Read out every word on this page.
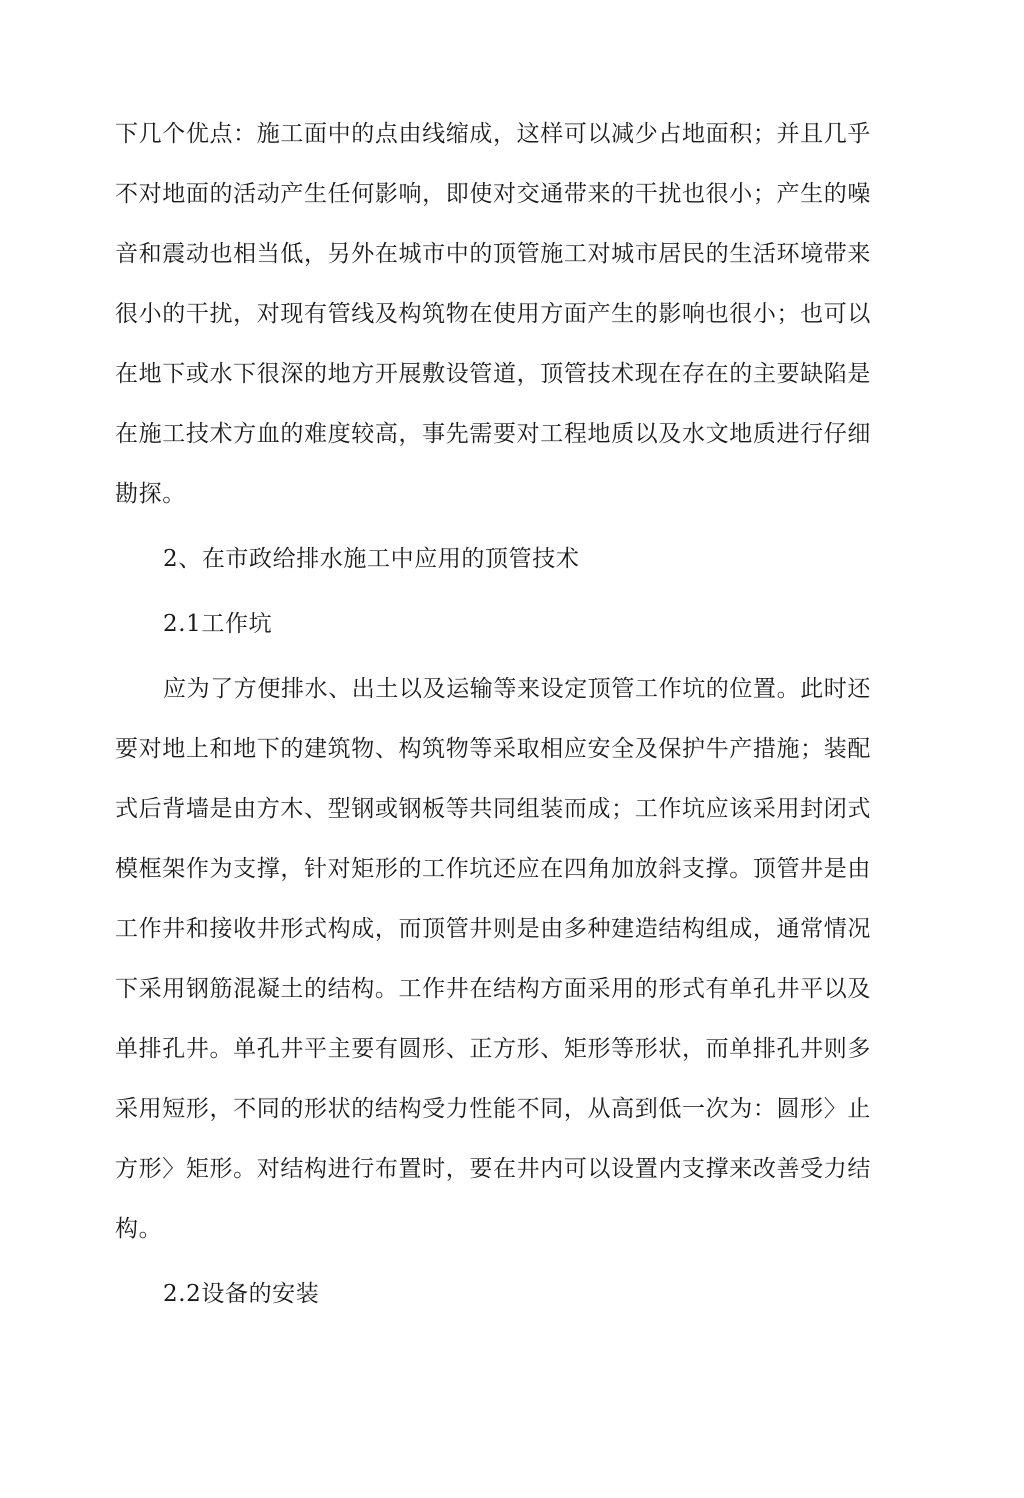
下几个优点：施工面中的点由线缩成，这样可以减少占地面积；并且几乎不对地面的活动产生任何影响，即使对交通带来的干扰也很小；产生的噪音和震动也相当低，另外在城市中的顶管施工对城市居民的生活环境带来很小的干扰，对现有管线及构筑物在使用方面产生的影响也很小；也可以在地下或水下很深的地方开展敷设管道，顶管技术现在存在的主要缺陷是在施工技术方血的难度较高，事先需要对工程地质以及水文地质进行仔细勘探。

2、在市政给排水施工中应用的顶管技术

2.1工作坑

应为了方便排水、出土以及运输等来设定顶管工作坑的位置。此时还要对地上和地下的建筑物、构筑物等采取相应安全及保护牛产措施；装配式后背墙是由方木、型钢或钢板等共同组装而成；工作坑应该采用封闭式模框架作为支撑，针对矩形的工作坑还应在四角加放斜支撑。顶管井是由工作井和接收井形式构成，而顶管井则是由多种建造结构组成，通常情况下采用钢筋混凝土的结构。工作井在结构方面采用的形式有单孔井平以及单排孔井。单孔井平主要有圆形、正方形、矩形等形状，而单排孔井则多采用短形，不同的形状的结构受力性能不同，从高到低一次为：圆形〉止方形〉矩形。对结构进行布置时，要在井内可以设置内支撑来改善受力结构。

2.2设备的安装
